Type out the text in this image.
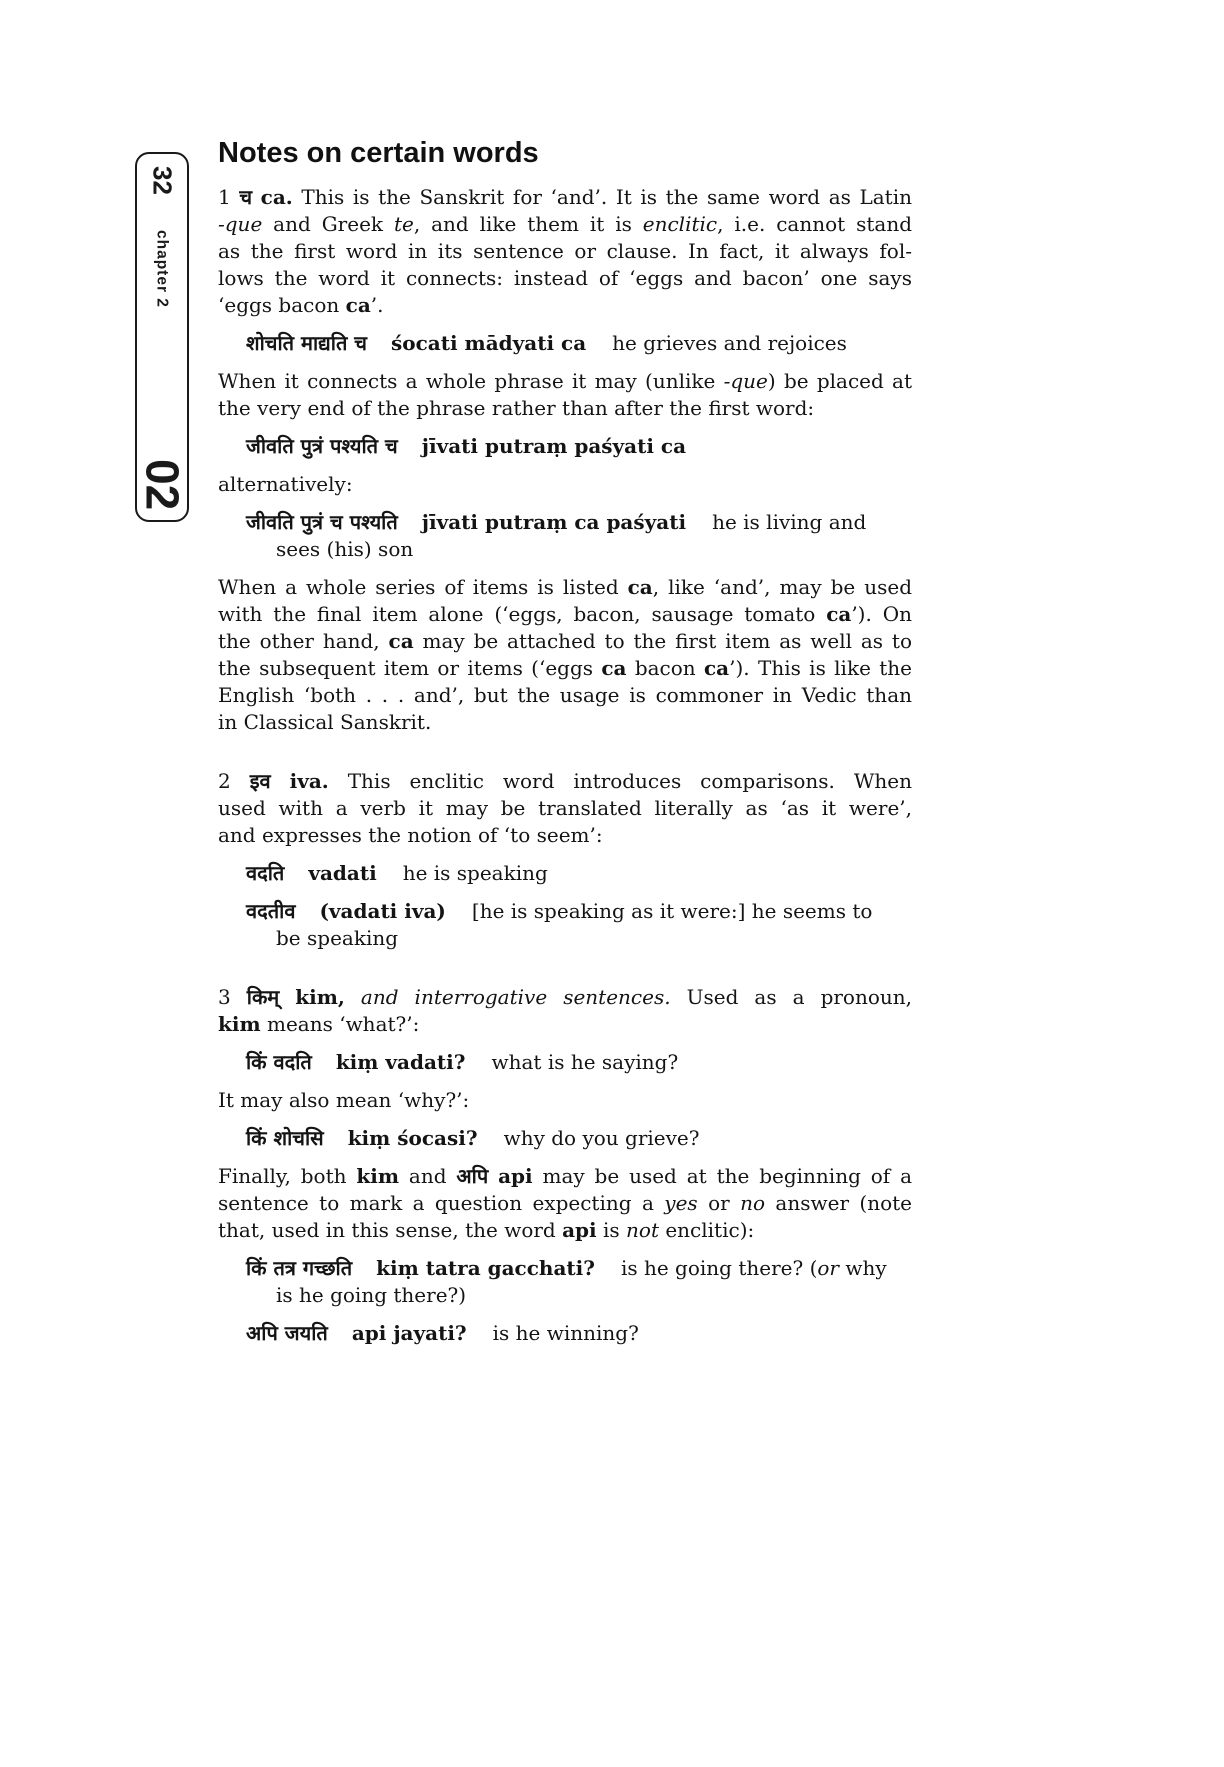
32
chapter 2
02
Notes on certain words
1 च ca. This is the Sanskrit for ‘and’. It is the same word as Latin
-que and Greek te, and like them it is enclitic, i.e. cannot stand
as the first word in its sentence or clause. In fact, it always fol-
lows the word it connects: instead of ‘eggs and bacon’ one says
‘eggs bacon ca’.
शोचति माद्यति च śocati mādyati ca he grieves and rejoices
When it connects a whole phrase it may (unlike -que) be placed at
the very end of the phrase rather than after the first word:
जीवति पुत्रं पश्यति च jīvati putraṃ paśyati ca
alternatively:
जीवति पुत्रं च पश्यति jīvati putraṃ ca paśyati he is living and
sees (his) son
When a whole series of items is listed ca, like ‘and’, may be used
with the final item alone (‘eggs, bacon, sausage tomato ca’). On
the other hand, ca may be attached to the first item as well as to
the subsequent item or items (‘eggs ca bacon ca’). This is like the
English ‘both . . . and’, but the usage is commoner in Vedic than
in Classical Sanskrit.
2 इव iva. This enclitic word introduces comparisons. When
used with a verb it may be translated literally as ‘as it were’,
and expresses the notion of ‘to seem’:
वदति vadati he is speaking
वदतीव (vadati iva) [he is speaking as it were:] he seems to
be speaking
3 किम् kim, and interrogative sentences. Used as a pronoun,
kim means ‘what?’:
किं वदति kiṃ vadati? what is he saying?
It may also mean ‘why?’:
किं शोचसि kiṃ śocasi? why do you grieve?
Finally, both kim and अपि api may be used at the beginning of a
sentence to mark a question expecting a yes or no answer (note
that, used in this sense, the word api is not enclitic):
किं तत्र गच्छति kiṃ tatra gacchati? is he going there? (or why
is he going there?)
अपि जयति api jayati? is he winning?
